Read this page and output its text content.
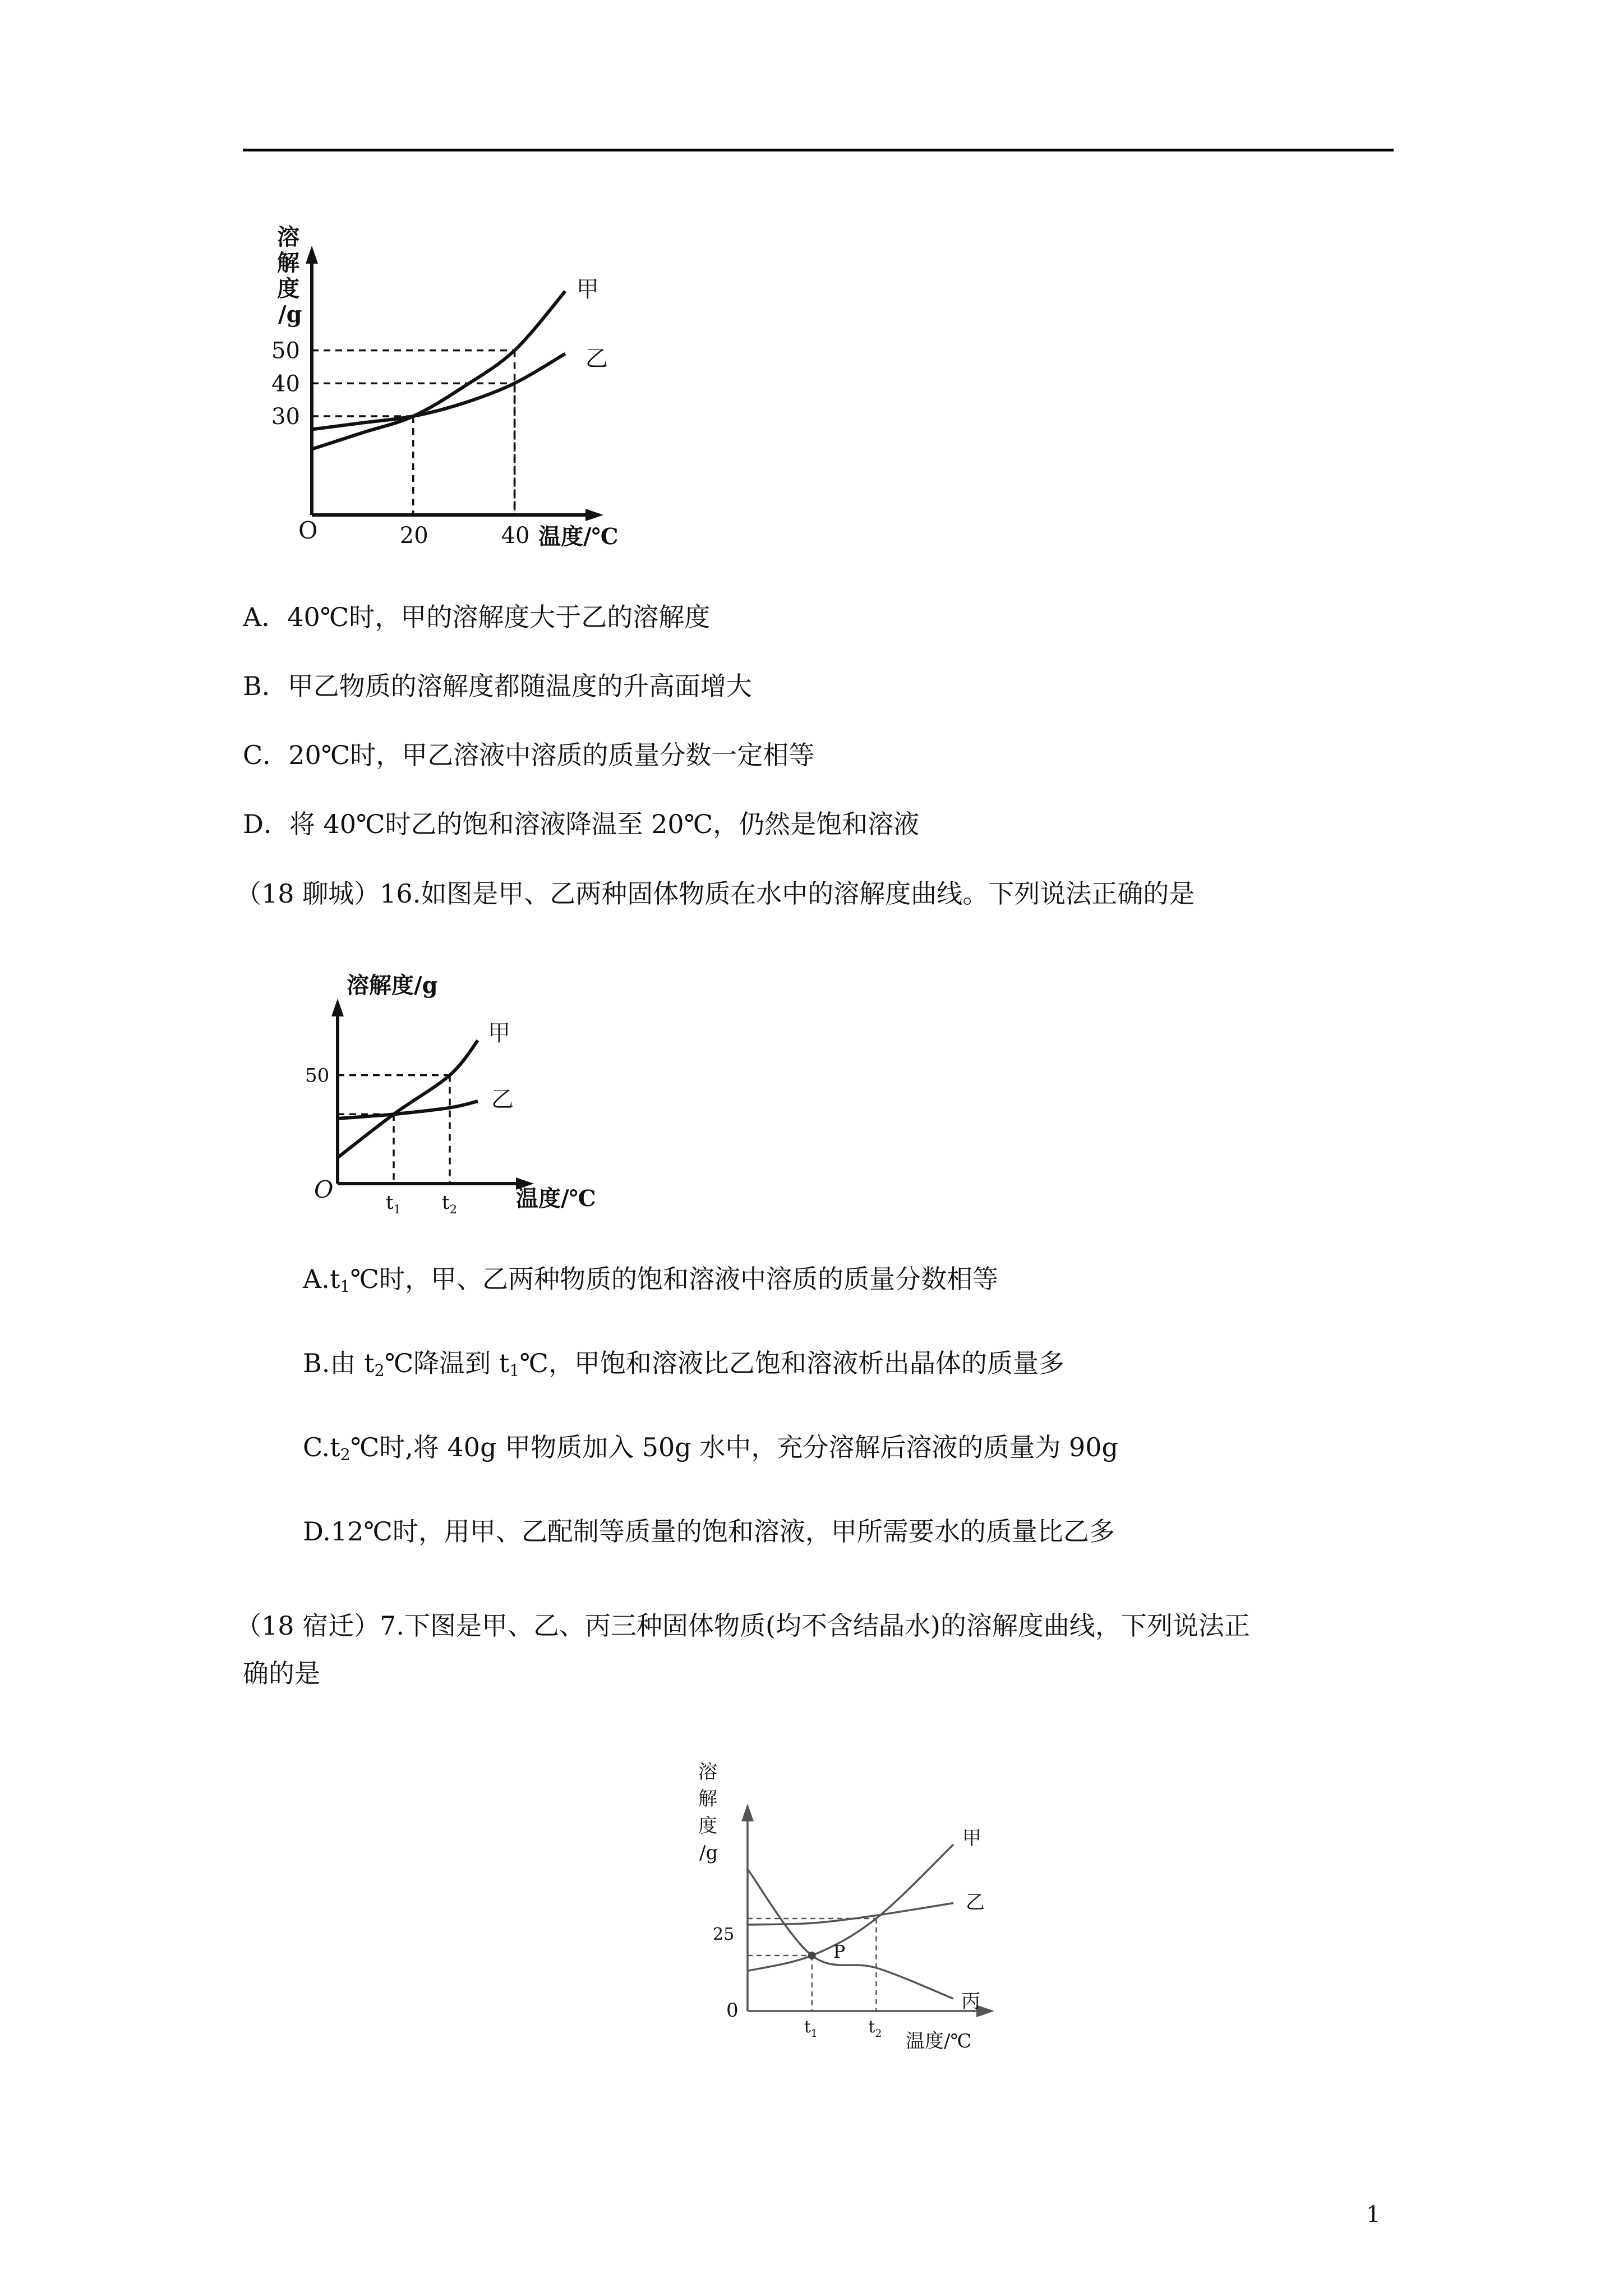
溶
解
度
/g
温度/℃
O
甲
乙
20	40
30
40
50
A．40℃时，甲的溶解度大于乙的溶解度
B．甲乙物质的溶解度都随温度的升高面增大
C．20℃时，甲乙溶液中溶质的质量分数一定相等
D．将 40℃时乙的饱和溶液降温至 20℃，仍然是饱和溶液
（18 聊城）16.如图是甲、乙两种固体物质在水中的溶解度曲线。下列说法正确的是
溶解度/g
温度/℃
O
甲
乙
$t_1$ $t_2$
50
$A.t_1℃$时，甲、乙两种物质的饱和溶液中溶质的质量分数相等
B.由 $t_2℃$降温到 $t_1℃$，甲饱和溶液比乙饱和溶液析出晶体的质量多
$C.t_2℃$时,将 40g 甲物质加入 50g 水中，充分溶解后溶液的质量为 90g
D.12℃时，用甲、乙配制等质量的饱和溶液，甲所需要水的质量比乙多
（18 宿迁）7.下图是甲、乙、丙三种固体物质(均不含结晶水)的溶解度曲线，下列说法正
确的是
溶
解
度
/g
温度/℃
0
甲
乙
丙
$t_1$	$t_2$
25
P
1
